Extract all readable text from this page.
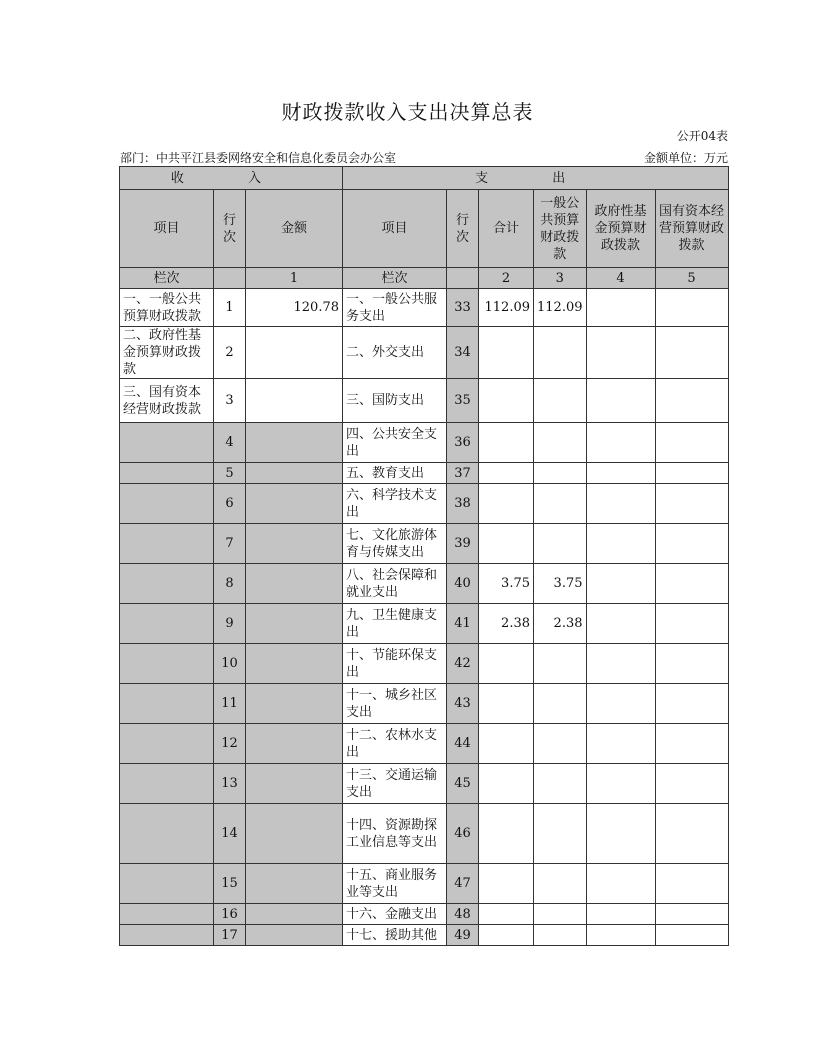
财政拨款收入支出决算总表
公开04表
部门：中共平江县委网络安全和信息化委员会办公室	金额单位：万元
收 入			支 出					
项目	行次	金额	项目	行次	合计	一般公共预算财政拨款	政府性基金预算财政拨款	国有资本经营预算财政拨款
栏次		1	栏次		2	3	4	5
一、一般公共预算财政拨款	1	120.78	一、一般公共服务支出	33	112.09	112.09		
二、政府性基金预算财政拨款	2		二、外交支出	34				
三、国有资本经营财政拨款	3		三、国防支出	35				
	4		四、公共安全支出	36				
	5		五、教育支出	37				
	6		六、科学技术支出	38				
	7		七、文化旅游体育与传媒支出	39				
	8		八、社会保障和就业支出	40	3.75	3.75		
	9		九、卫生健康支出	41	2.38	2.38		
	10		十、节能环保支出	42				
	11		十一、城乡社区支出	43				
	12		十二、农林水支出	44				
	13		十三、交通运输支出	45				
	14		十四、资源勘探工业信息等支出	46				
	15		十五、商业服务业等支出	47				
	16		十六、金融支出	48				
	17		十七、援助其他	49				
